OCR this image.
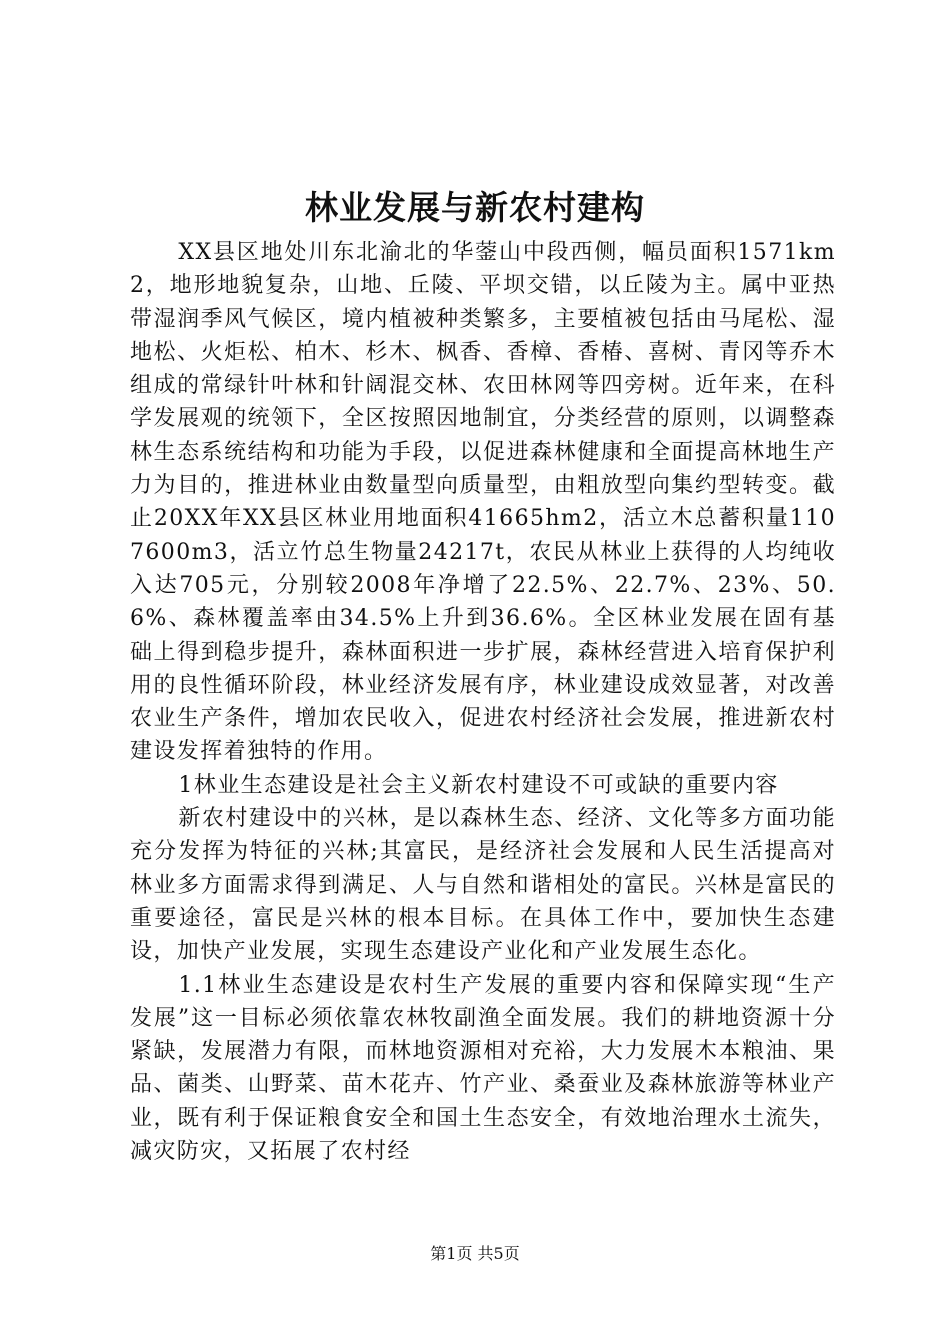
林业发展与新农村建构

XX县区地处川东北渝北的华蓥山中段西侧，幅员面积1571km2，地形地貌复杂，山地、丘陵、平坝交错，以丘陵为主。属中亚热带湿润季风气候区，境内植被种类繁多，主要植被包括由马尾松、湿地松、火炬松、柏木、杉木、枫香、香樟、香椿、喜树、青冈等乔木组成的常绿针叶林和针阔混交林、农田林网等四旁树。近年来，在科学发展观的统领下，全区按照因地制宜，分类经营的原则，以调整森林生态系统结构和功能为手段，以促进森林健康和全面提高林地生产力为目的，推进林业由数量型向质量型，由粗放型向集约型转变。截止20XX年XX县区林业用地面积41665hm2，活立木总蓄积量1107600m3，活立竹总生物量24217t，农民从林业上获得的人均纯收入达705元，分别较2008年净增了22.5%、22.7%、23%、50.6%、森林覆盖率由34.5%上升到36.6%。全区林业发展在固有基础上得到稳步提升，森林面积进一步扩展，森林经营进入培育保护利用的良性循环阶段，林业经济发展有序，林业建设成效显著，对改善农业生产条件，增加农民收入，促进农村经济社会发展，推进新农村建设发挥着独特的作用。

1林业生态建设是社会主义新农村建设不可或缺的重要内容

新农村建设中的兴林，是以森林生态、经济、文化等多方面功能充分发挥为特征的兴林;其富民，是经济社会发展和人民生活提高对林业多方面需求得到满足、人与自然和谐相处的富民。兴林是富民的重要途径，富民是兴林的根本目标。在具体工作中，要加快生态建设，加快产业发展，实现生态建设产业化和产业发展生态化。

1.1林业生态建设是农村生产发展的重要内容和保障实现“生产发展”这一目标必须依靠农林牧副渔全面发展。我们的耕地资源十分紧缺，发展潜力有限，而林地资源相对充裕，大力发展木本粮油、果品、菌类、山野菜、苗木花卉、竹产业、桑蚕业及森林旅游等林业产业，既有利于保证粮食安全和国土生态安全，有效地治理水土流失，减灾防灾，又拓展了农村经

第1页 共5页
